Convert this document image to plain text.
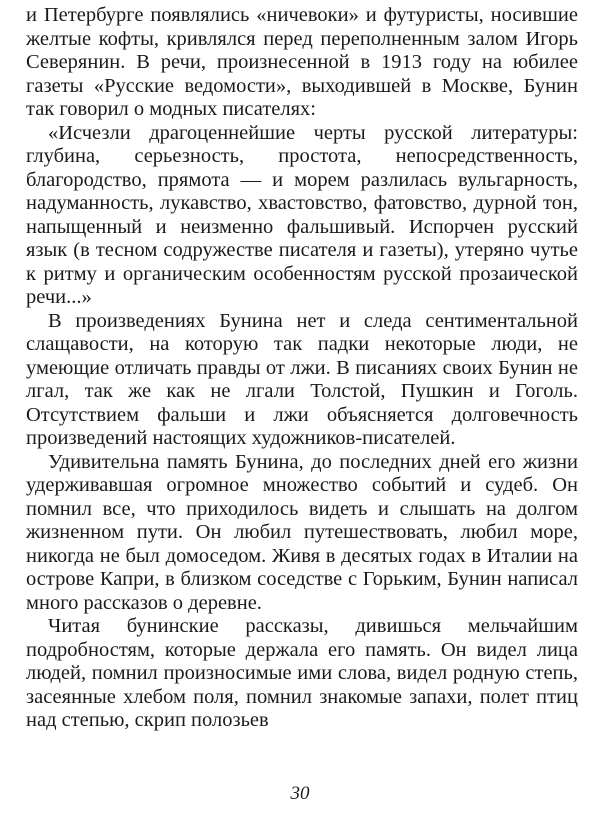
и Петербурге появлялись «ничевоки» и футуристы, носившие желтые кофты, кривлялся перед переполненным залом Игорь Северянин. В речи, произнесенной в 1913 году на юбилее газеты «Русские ведомости», выходившей в Москве, Бунин так говорил о модных писателях:

«Исчезли драгоценнейшие черты русской литературы: глубина, серьезность, простота, непосредственность, благородство, прямота — и морем разлилась вульгарность, надуманность, лукавство, хвастовство, фатовство, дурной тон, напыщенный и неизменно фальшивый. Испорчен русский язык (в тесном содружестве писателя и газеты), утеряно чутье к ритму и органическим особенностям русской прозаической речи...»

В произведениях Бунина нет и следа сентиментальной слащавости, на которую так падки некоторые люди, не умеющие отличать правды от лжи. В писаниях своих Бунин не лгал, так же как не лгали Толстой, Пушкин и Гоголь. Отсутствием фальши и лжи объясняется долговечность произведений настоящих художников-писателей.

Удивительна память Бунина, до последних дней его жизни удерживавшая огромное множество событий и судеб. Он помнил все, что приходилось видеть и слышать на долгом жизненном пути. Он любил путешествовать, любил море, никогда не был домоседом. Живя в десятых годах в Италии на острове Капри, в близком соседстве с Горьким, Бунин написал много рассказов о деревне.

Читая бунинские рассказы, дивишься мельчайшим подробностям, которые держала его память. Он видел лица людей, помнил произносимые ими слова, видел родную степь, засеянные хлебом поля, помнил знакомые запахи, полет птиц над степью, скрип полозьев

30
